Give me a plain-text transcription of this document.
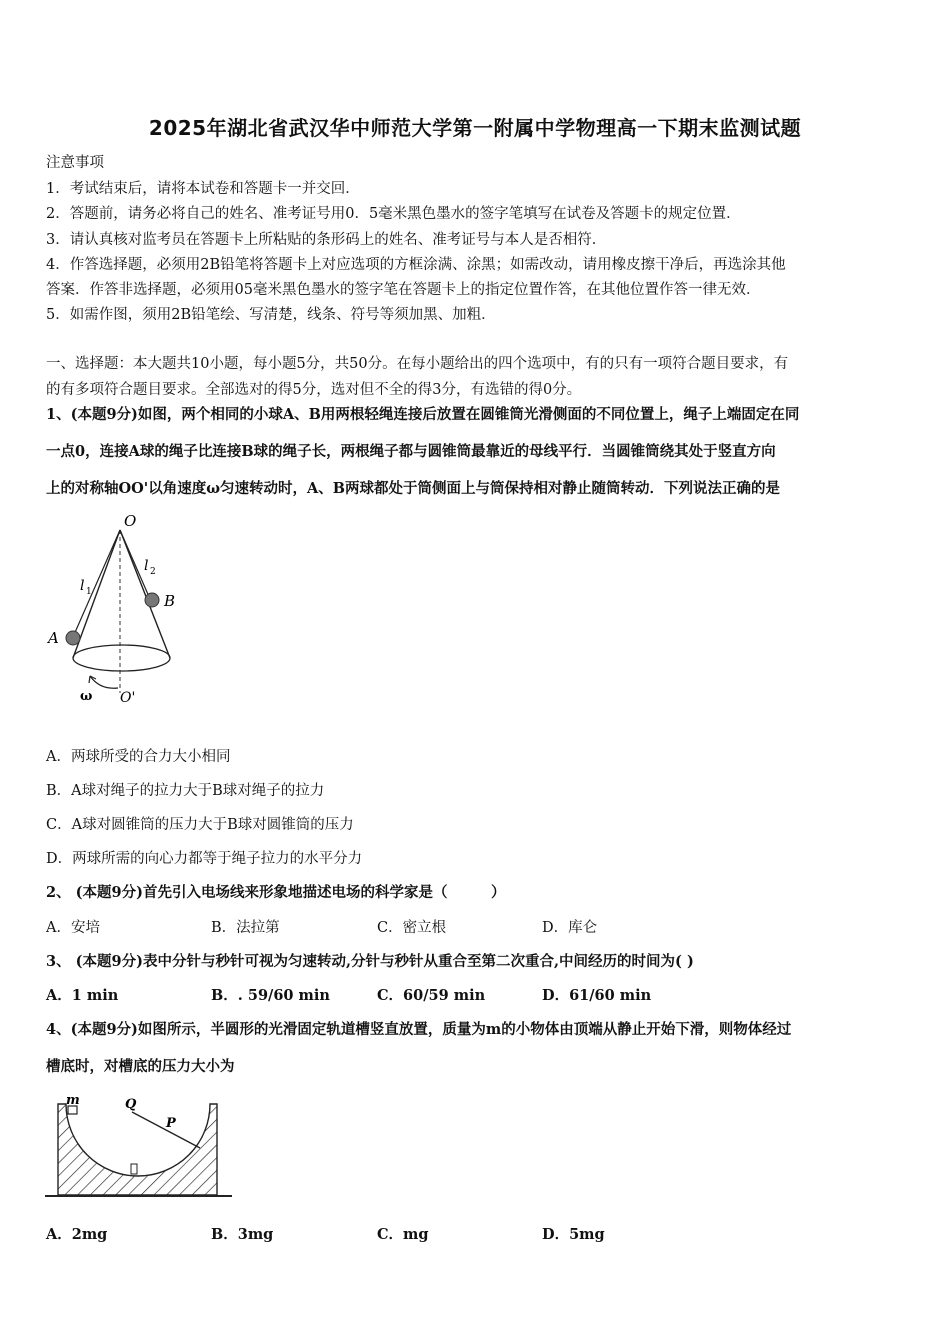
2025年湖北省武汉华中师范大学第一附属中学物理高一下期末监测试题
注意事项
1．考试结束后，请将本试卷和答题卡一并交回．
2．答题前，请务必将自己的姓名、准考证号用0．5毫米黑色墨水的签字笔填写在试卷及答题卡的规定位置．
3．请认真核对监考员在答题卡上所粘贴的条形码上的姓名、准考证号与本人是否相符．
4．作答选择题，必须用2B铅笔将答题卡上对应选项的方框涂满、涂黑；如需改动，请用橡皮擦干净后，再选涂其他
答案．作答非选择题，必须用05毫米黑色墨水的签字笔在答题卡上的指定位置作答，在其他位置作答一律无效．
5．如需作图，须用2B铅笔绘、写清楚，线条、符号等须加黑、加粗．
一、选择题：本大题共10小题，每小题5分，共50分。在每小题给出的四个选项中，有的只有一项符合题目要求，有
的有多项符合题目要求。全部选对的得5分，选对但不全的得3分，有选错的得0分。
1、(本题9分)如图，两个相同的小球A、B用两根轻绳连接后放置在圆锥筒光滑侧面的不同位置上，绳子上端固定在同
一点0，连接A球的绳子比连接B球的绳子长，两根绳子都与圆锥筒最靠近的母线平行．当圆锥筒绕其处于竖直方向
上的对称轴OO'以角速度ω匀速转动时，A、B两球都处于筒侧面上与筒保持相对静止随筒转动．下列说法正确的是
O
l 1
l 2
B
A
ω O'
A．两球所受的合力大小相同
B．A球对绳子的拉力大于B球对绳子的拉力
C．A球对圆锥筒的压力大于B球对圆锥筒的压力
D．两球所需的向心力都等于绳子拉力的水平分力
2、 (本题9分)首先引入电场线来形象地描述电场的科学家是（　　　）
A．安培	B．法拉第	C．密立根	D．库仑
3、 (本题9分)表中分针与秒针可视为匀速转动,分针与秒针从重合至第二次重合,中间经历的时间为( )
A．1 min	B．. 59/60 min	C．60/59 min	D．61/60 min
4、(本题9分)如图所示，半圆形的光滑固定轨道槽竖直放置，质量为m的小物体由顶端从静止开始下滑，则物体经过
槽底时，对槽底的压力大小为
m	Q
P
A．2mg	B．3mg	C．mg	D．5mg
